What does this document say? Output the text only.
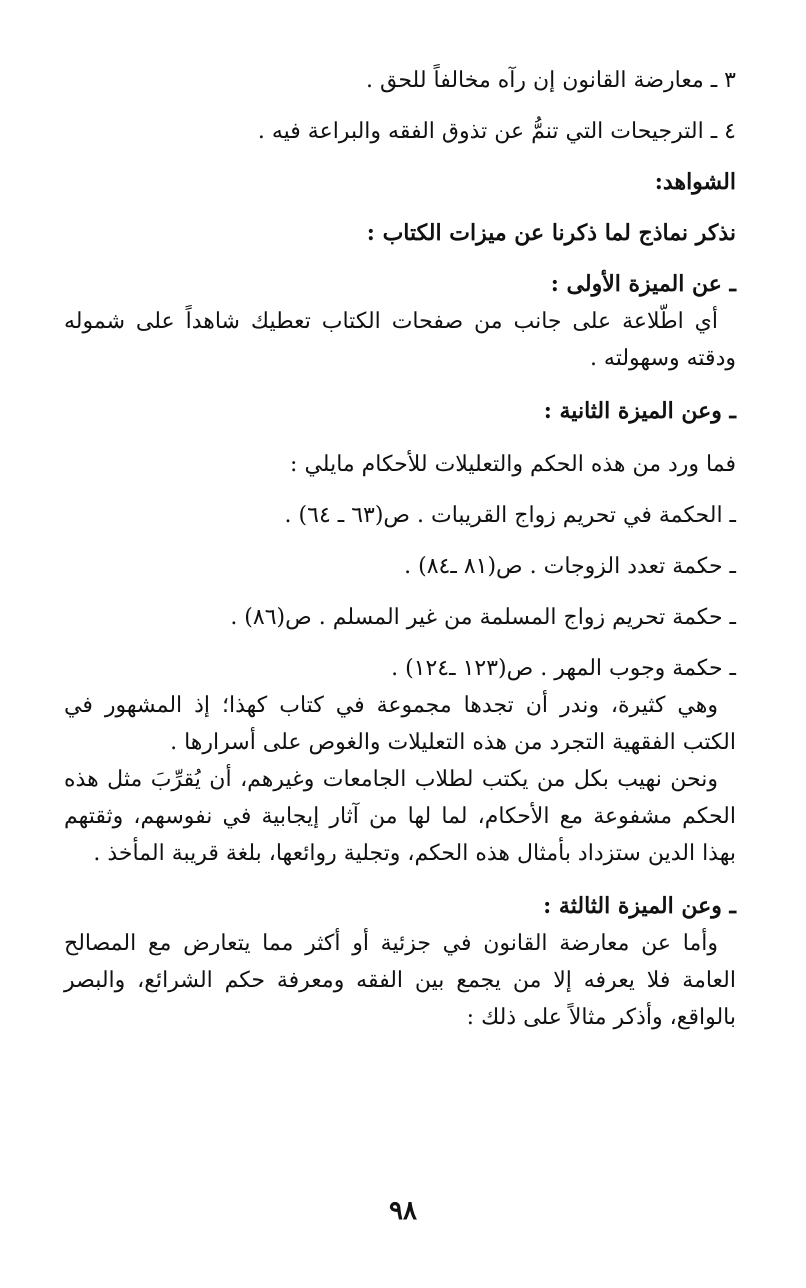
٣ ـ معارضة القانون إن رآه مخالفاً للحق .

٤ ـ الترجيحات التي تنمُّ عن تذوق الفقه والبراعة فيه .

الشواهد:

نذكر نماذج لما ذكرنا عن ميزات الكتاب :

ـ عن الميزة الأولى :

أي اطّلاعة على جانب من صفحات الكتاب تعطيك شاهداً على شموله ودقته وسهولته .

ـ وعن الميزة الثانية :

فما ورد من هذه الحكم والتعليلات للأحكام مايلي :

ـ الحكمة في تحريم زواج القريبات . ص(٦٣ ـ ٦٤) .

ـ حكمة تعدد الزوجات . ص(٨١ ـ٨٤) .

ـ حكمة تحريم زواج المسلمة من غير المسلم . ص(٨٦) .

ـ حكمة وجوب المهر . ص(١٢٣ ـ١٢٤) .

وهي كثيرة، وندر أن تجدها مجموعة في كتاب كهذا؛ إذ المشهور في الكتب الفقهية التجرد من هذه التعليلات والغوص على أسرارها .

ونحن نهيب بكل من يكتب لطلاب الجامعات وغيرهم، أن يُقرِّبَ مثل هذه الحكم مشفوعة مع الأحكام، لما لها من آثار إيجابية في نفوسهم، وثقتهم بهذا الدين ستزداد بأمثال هذه الحكم، وتجلية روائعها، بلغة قريبة المأخذ .

ـ وعن الميزة الثالثة :

وأما عن معارضة القانون في جزئية أو أكثر مما يتعارض مع المصالح العامة فلا يعرفه إلا من يجمع بين الفقه ومعرفة حكم الشرائع، والبصر بالواقع، وأذكر مثالاً على ذلك :

٩٨
